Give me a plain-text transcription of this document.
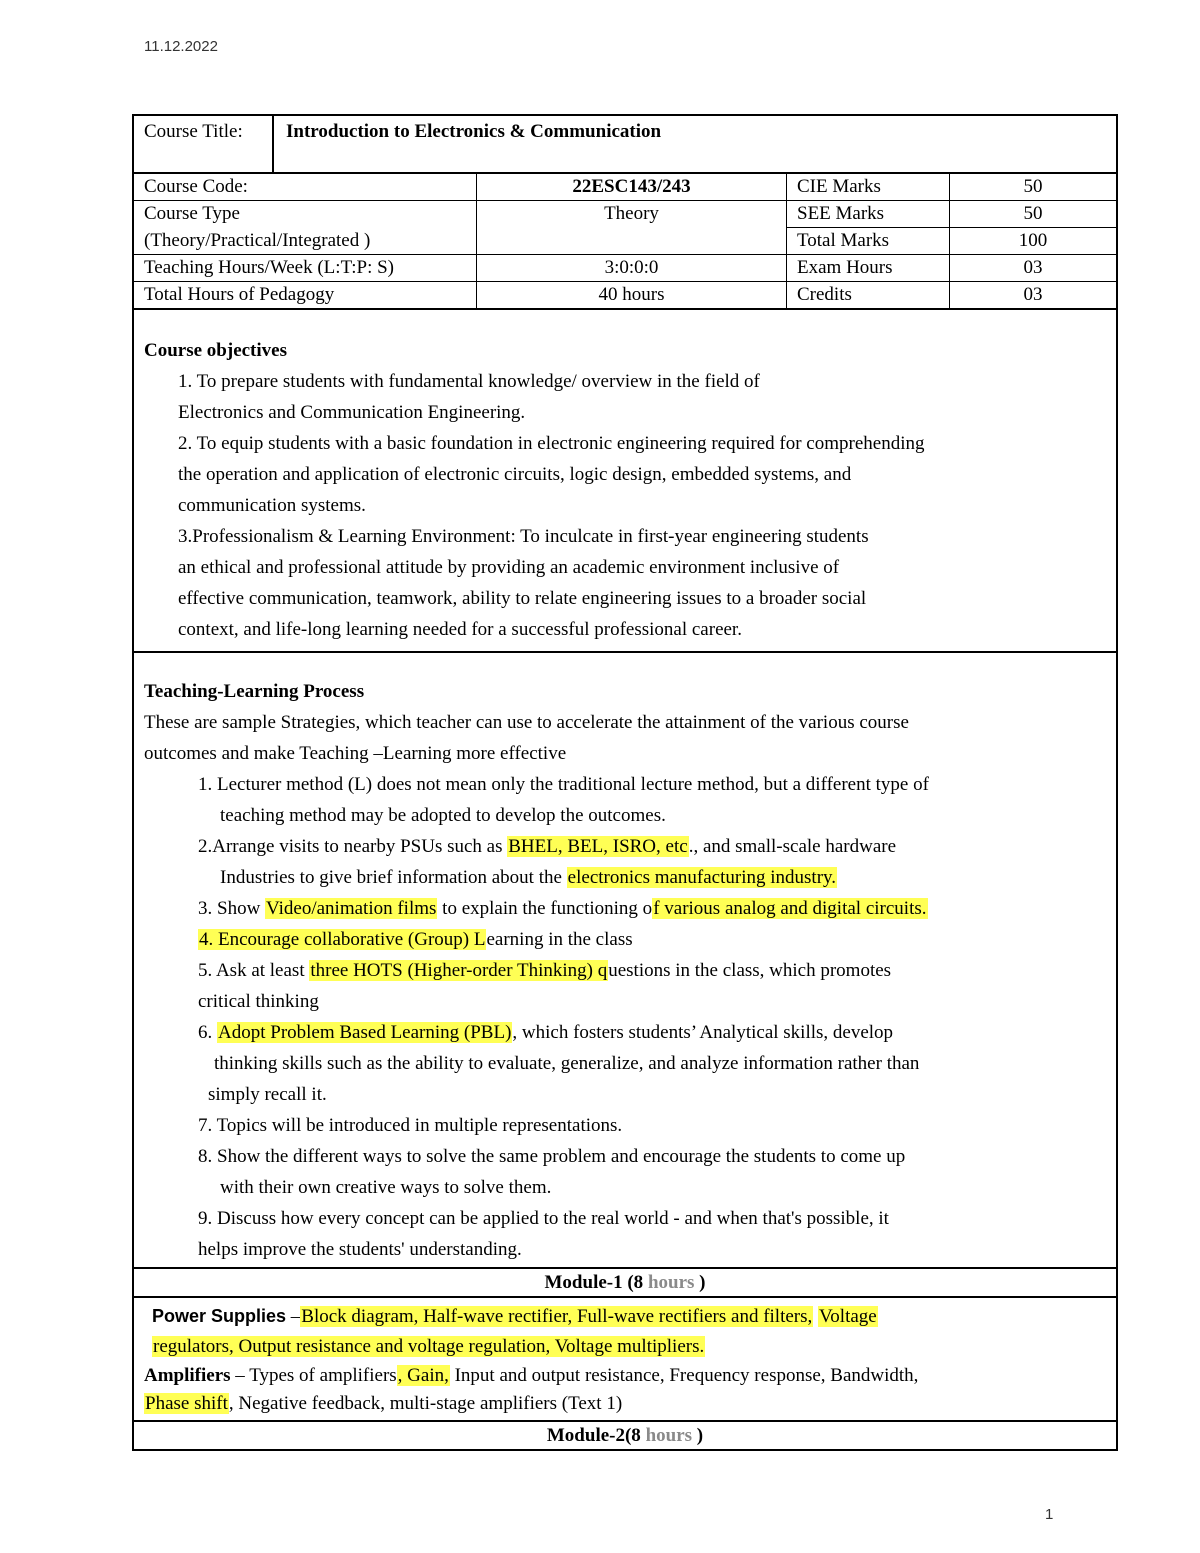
11.12.2022
Course Title:	Introduction to Electronics & Communication
Course Code:	22ESC143/243	CIE Marks	50
Course Type	Theory	SEE Marks	50
(Theory/Practical/Integrated )	Total Marks	100
Teaching Hours/Week (L:T:P: S)	3:0:0:0	Exam Hours	03
Total Hours of Pedagogy	40 hours	Credits	03
Course objectives

1. To prepare students with fundamental knowledge/ overview in the field of

Electronics and Communication Engineering.

2. To equip students with a basic foundation in electronic engineering required for comprehending

the operation and application of electronic circuits, logic design, embedded systems, and

communication systems.

3.Professionalism & Learning Environment: To inculcate in first-year engineering students

an ethical and professional attitude by providing an academic environment inclusive of

effective communication, teamwork, ability to relate engineering issues to a broader social

context, and life-long learning needed for a successful professional career.

Teaching-Learning Process

These are sample Strategies, which teacher can use to accelerate the attainment of the various course

outcomes and make Teaching –Learning more effective

1. Lecturer method (L) does not mean only the traditional lecture method, but a different type of

teaching method may be adopted to develop the outcomes.

2.Arrange visits to nearby PSUs such as BHEL, BEL, ISRO, etc., and small-scale hardware

Industries to give brief information about the electronics manufacturing industry.

3. Show Video/animation films to explain the functioning of various analog and digital circuits.

4. Encourage collaborative (Group) Learning in the class

5. Ask at least three HOTS (Higher-order Thinking) questions in the class, which promotes

critical thinking

6. Adopt Problem Based Learning (PBL), which fosters students’ Analytical skills, develop

thinking skills such as the ability to evaluate, generalize, and analyze information rather than

simply recall it.

7. Topics will be introduced in multiple representations.

8. Show the different ways to solve the same problem and encourage the students to come up

with their own creative ways to solve them.

9. Discuss how every concept can be applied to the real world - and when that's possible, it

helps improve the students' understanding.

Module-1 (8 hours )

Power Supplies –Block diagram, Half-wave rectifier, Full-wave rectifiers and filters, Voltage
regulators, Output resistance and voltage regulation, Voltage multipliers.

Amplifiers – Types of amplifiers, Gain, Input and output resistance, Frequency response, Bandwidth,
Phase shift, Negative feedback, multi-stage amplifiers (Text 1)

Module-2(8 hours )
1
